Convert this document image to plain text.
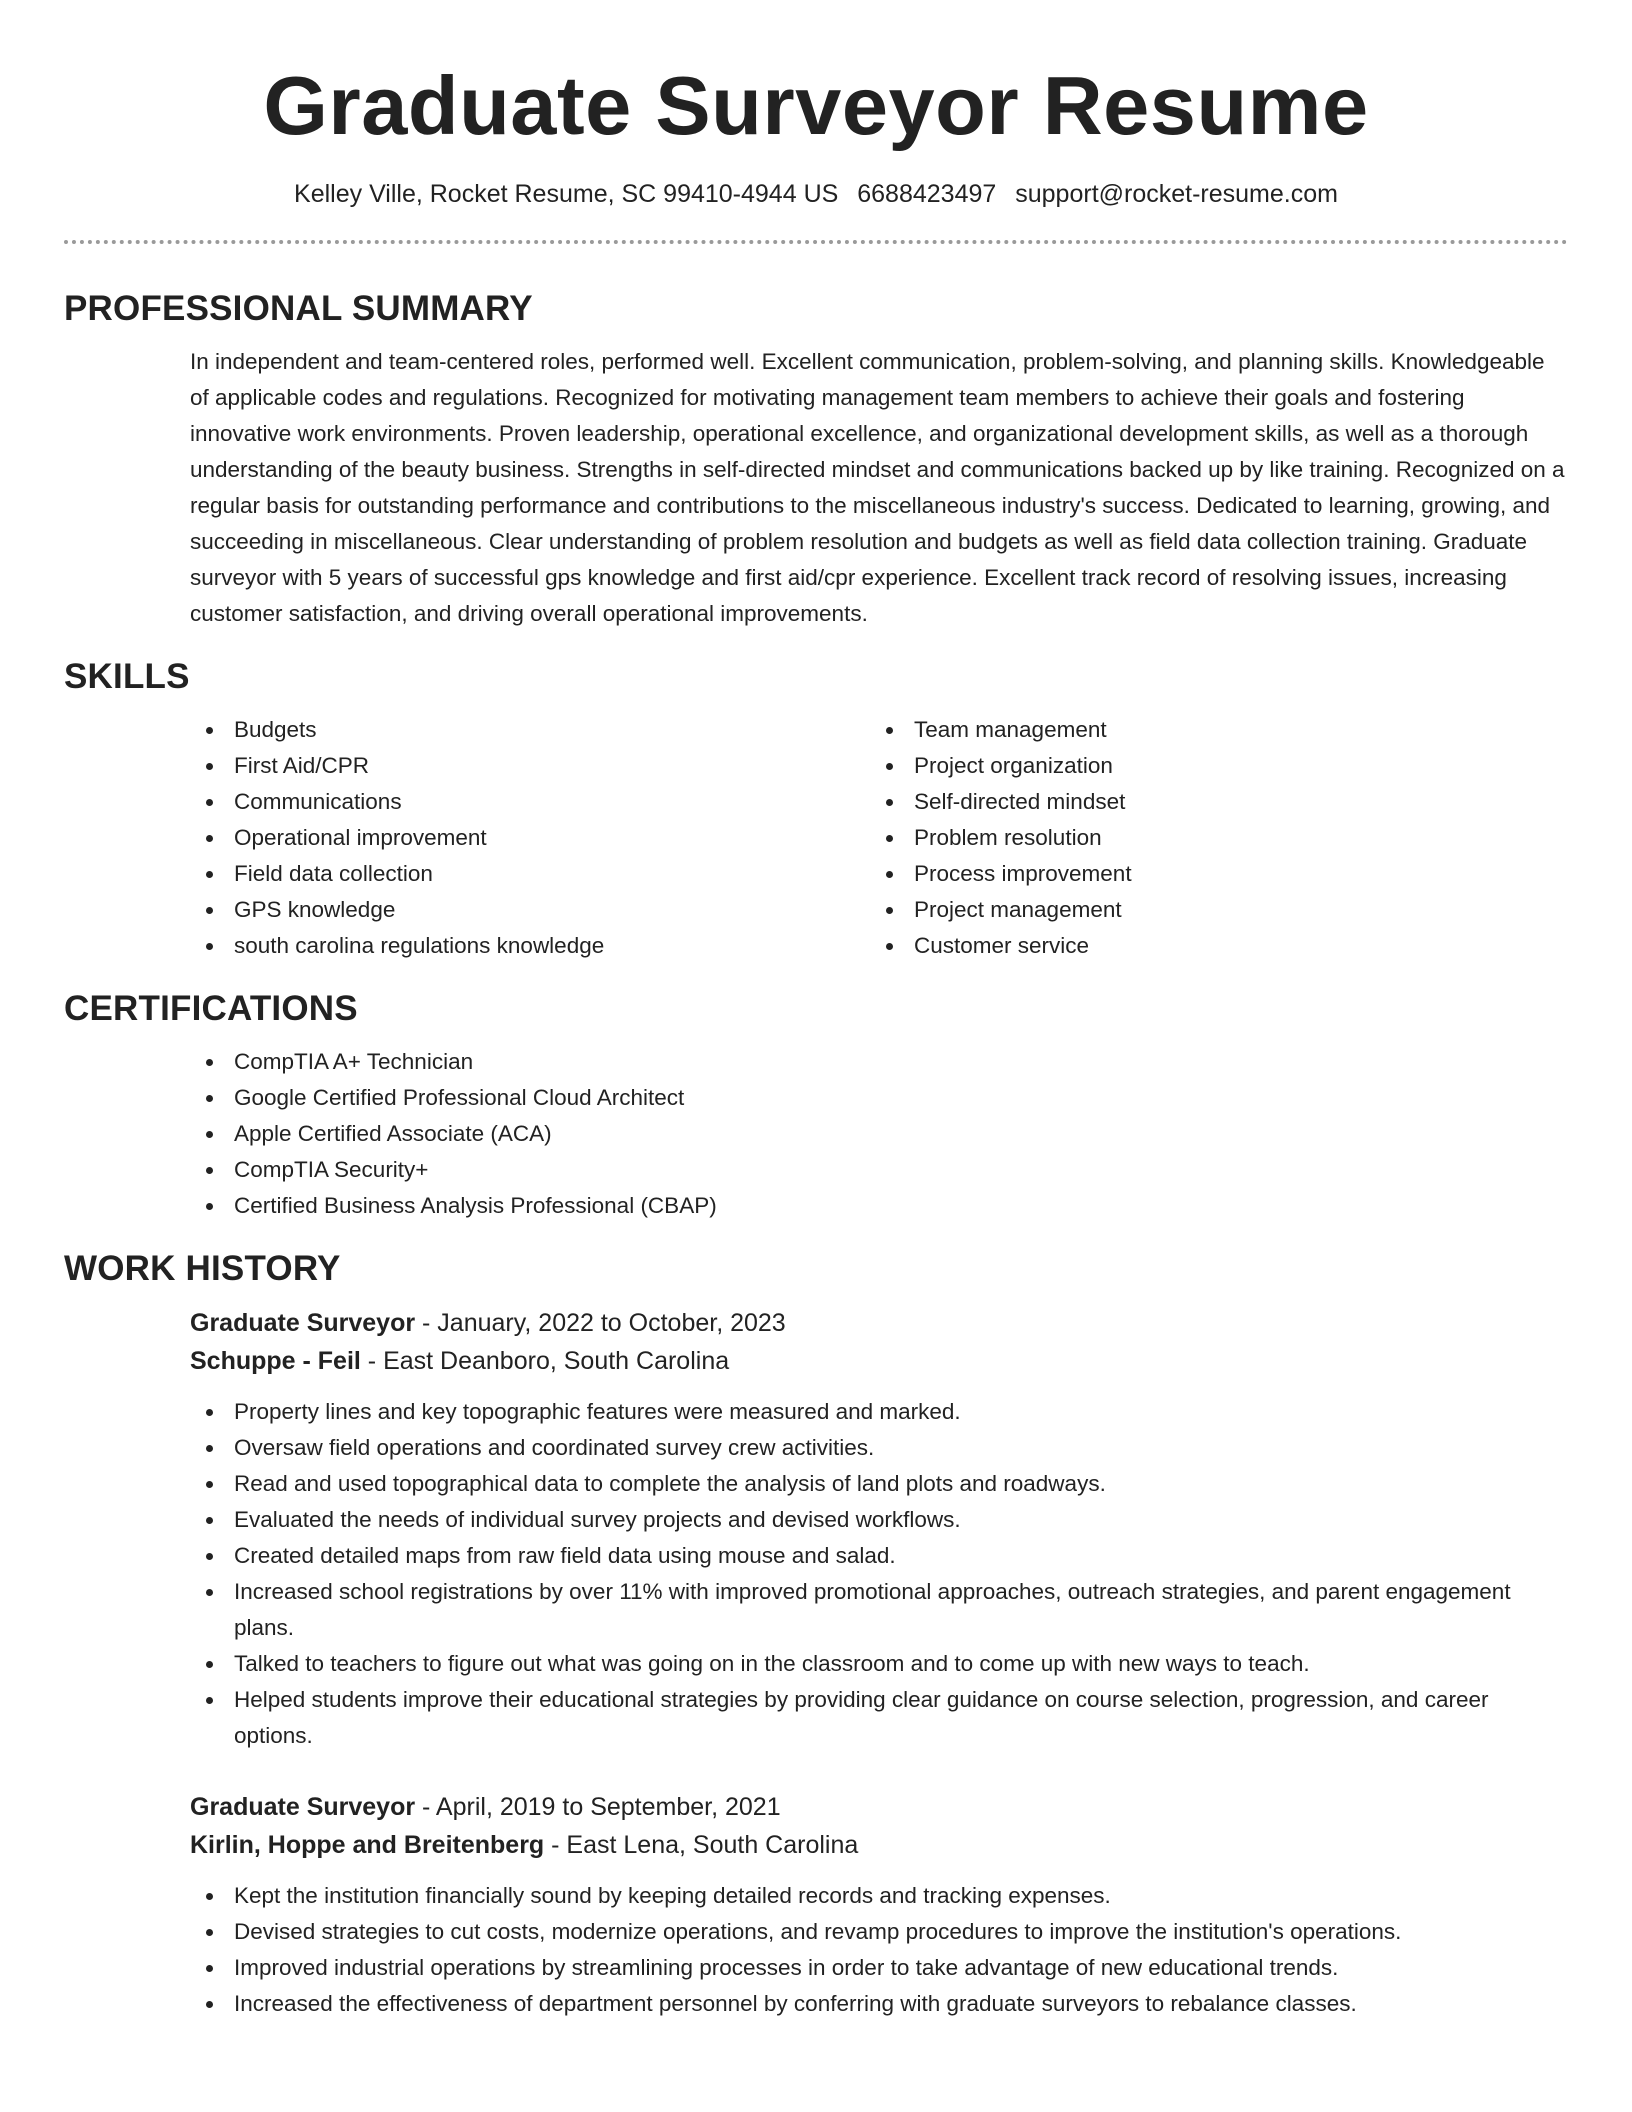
Graduate Surveyor Resume
Kelley Ville, Rocket Resume, SC 99410-4944 US 6688423497 support@rocket-resume.com
PROFESSIONAL SUMMARY

In independent and team-centered roles, performed well. Excellent communication, problem-solving, and planning skills. Knowledgeable of applicable codes and regulations. Recognized for motivating management team members to achieve their goals and fostering innovative work environments. Proven leadership, operational excellence, and organizational development skills, as well as a thorough understanding of the beauty business. Strengths in self-directed mindset and communications backed up by like training. Recognized on a regular basis for outstanding performance and contributions to the miscellaneous industry's success. Dedicated to learning, growing, and succeeding in miscellaneous. Clear understanding of problem resolution and budgets as well as field data collection training. Graduate surveyor with 5 years of successful gps knowledge and first aid/cpr experience. Excellent track record of resolving issues, increasing customer satisfaction, and driving overall operational improvements.

SKILLS
Budgets
First Aid/CPR
Communications
Operational improvement
Field data collection
GPS knowledge
south carolina regulations knowledge
Team management
Project organization
Self-directed mindset
Problem resolution
Process improvement
Project management
Customer service
CERTIFICATIONS
CompTIA A+ Technician
Google Certified Professional Cloud Architect
Apple Certified Associate (ACA)
CompTIA Security+
Certified Business Analysis Professional (CBAP)
WORK HISTORY
Graduate Surveyor - January, 2022 to October, 2023
Schuppe - Feil - East Deanboro, South Carolina
Property lines and key topographic features were measured and marked.
Oversaw field operations and coordinated survey crew activities.
Read and used topographical data to complete the analysis of land plots and roadways.
Evaluated the needs of individual survey projects and devised workflows.
Created detailed maps from raw field data using mouse and salad.
Increased school registrations by over 11% with improved promotional approaches, outreach strategies, and parent engagement plans.
Talked to teachers to figure out what was going on in the classroom and to come up with new ways to teach.
Helped students improve their educational strategies by providing clear guidance on course selection, progression, and career options.
Graduate Surveyor - April, 2019 to September, 2021
Kirlin, Hoppe and Breitenberg - East Lena, South Carolina
Kept the institution financially sound by keeping detailed records and tracking expenses.
Devised strategies to cut costs, modernize operations, and revamp procedures to improve the institution's operations.
Improved industrial operations by streamlining processes in order to take advantage of new educational trends.
Increased the effectiveness of department personnel by conferring with graduate surveyors to rebalance classes.
